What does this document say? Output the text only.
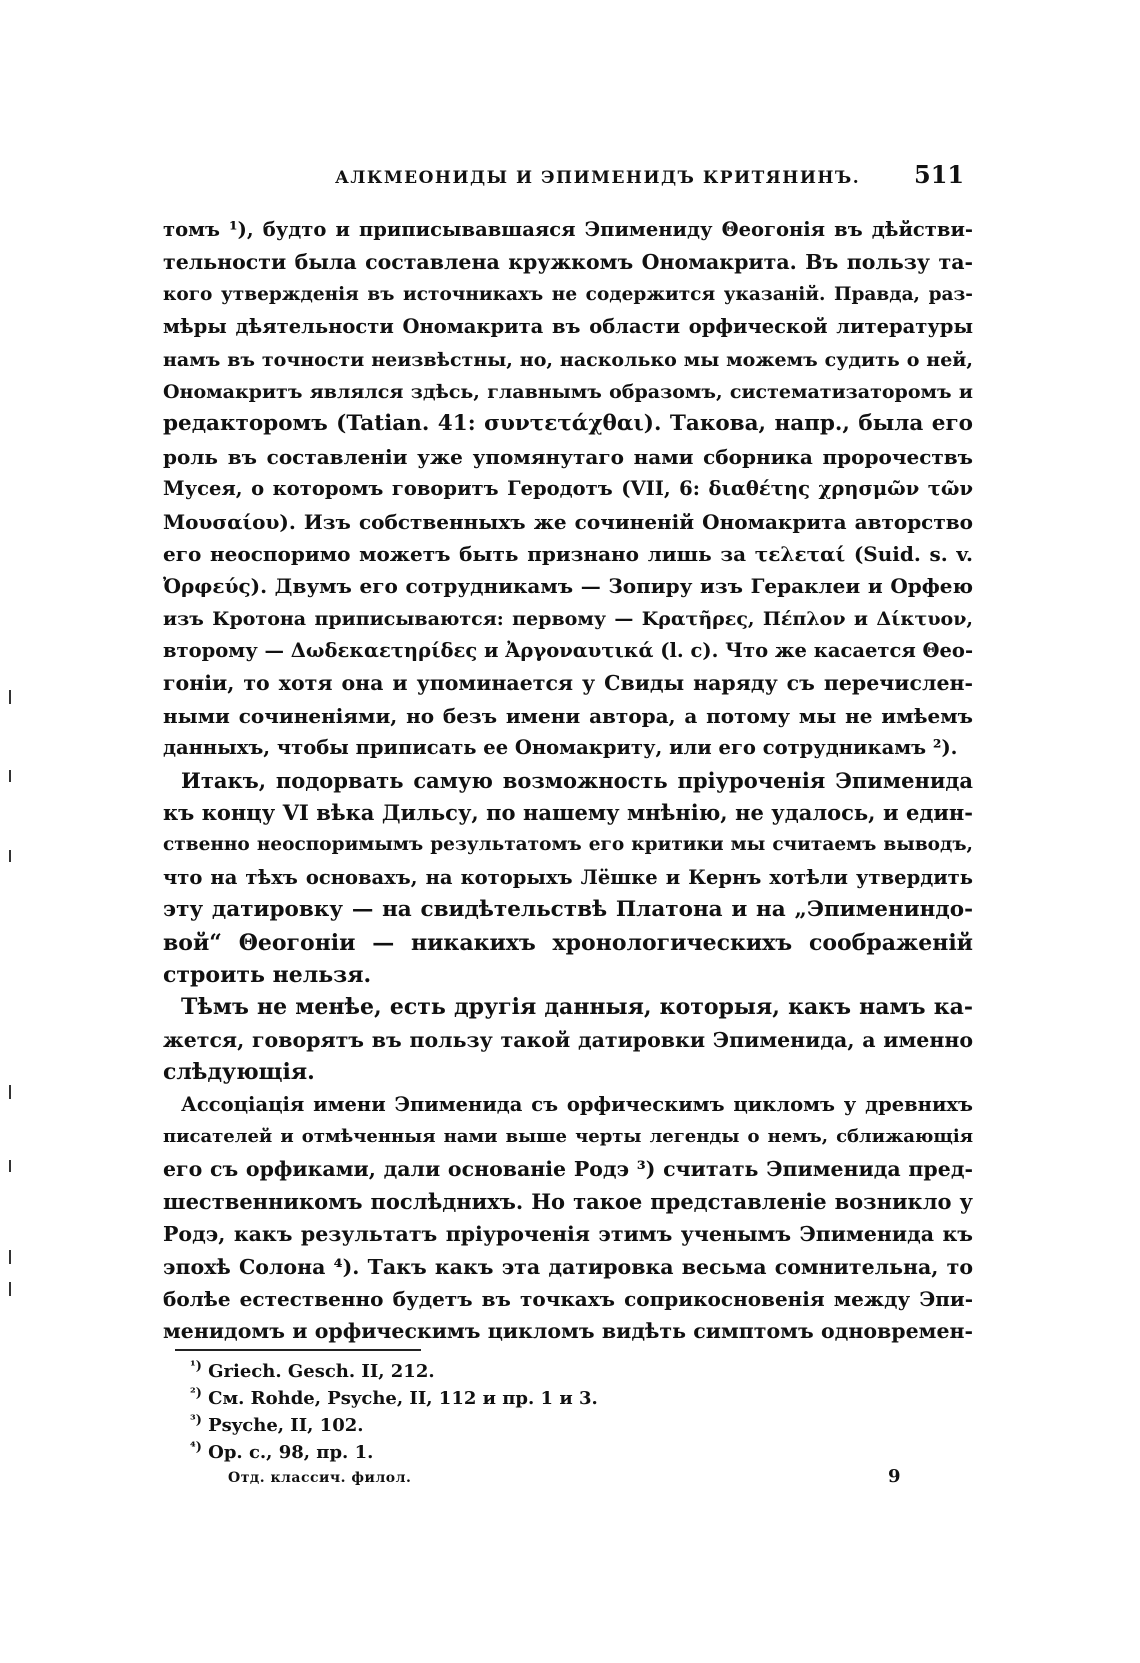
АЛКМЕОНИДЫ И ЭПИМЕНИДЪ КРИТЯНИНЪ. 511
томъ ¹), будто и приписывавшаяся Эпимениду Θеогонія въ дѣйстви-
тельности была составлена кружкомъ Ономакрита. Въ пользу та-
кого утвержденія въ источникахъ не содержится указаній. Правда, раз-
мѣры дѣятельности Ономакрита въ области орфической литературы
намъ въ точности неизвѣстны, но, насколько мы можемъ судить о ней,
Ономакритъ являлся здѣсь, главнымъ образомъ, систематизаторомъ и
редакторомъ (Tatian. 41: συντετάχθαι). Такова, напр., была его
роль въ составленіи уже упомянутаго нами сборника пророчествъ
Мусея, о которомъ говоритъ Геродотъ (VII, 6: διαθέτης χρησμῶν τῶν
Μουσαίου). Изъ собственныхъ же сочиненій Ономакрита авторство
его неоспоримо можетъ быть признано лишь за τελεταί (Suid. s. v.
Ὀρφεύς). Двумъ его сотрудникамъ — Зопиру изъ Гераклеи и Орфею
изъ Кротона приписываются: первому — Κρατῆρες, Πέπλον и Δίκτυον,
второму — Δωδεκαετηρίδες и Ἀργοναυτικά (l. c). Что же касается Θео-
гоніи, то хотя она и упоминается у Свиды наряду съ перечислен-
ными сочиненіями, но безъ имени автора, а потому мы не имѣемъ
данныхъ, чтобы приписать ее Ономакриту, или его сотрудникамъ ²).
Итакъ, подорвать самую возможность пріуроченія Эпименида
къ концу VI вѣка Дильсу, по нашему мнѣнію, не удалось, и един-
ственно неоспоримымъ результатомъ его критики мы считаемъ выводъ,
что на тѣхъ основахъ, на которыхъ Лёшке и Кернъ хотѣли утвердить
эту датировку — на свидѣтельствѣ Платона и на „Эпимениндо-
вой“ Θеогоніи — никакихъ хронологическихъ соображеній
строить нельзя.
Тѣмъ не менѣе, есть другія данныя, которыя, какъ намъ ка-
жется, говорятъ въ пользу такой датировки Эпименида, а именно
слѣдующія.
Ассоціація имени Эпименида съ орфическимъ цикломъ у древнихъ
писателей и отмѣченныя нами выше черты легенды о немъ, сближающія
его съ орфиками, дали основаніе Родэ ³) считать Эпименида пред-
шественникомъ послѣднихъ. Но такое представленіе возникло у
Родэ, какъ результатъ пріуроченія этимъ ученымъ Эпименида къ
эпохѣ Солона ⁴). Такъ какъ эта датировка весьма сомнительна, то
болѣе естественно будетъ въ точкахъ соприкосновенія между Эпи-
менидомъ и орфическимъ цикломъ видѣть симптомъ одновремен-
$^{^1)}$ Griech. Gesch. II, 212.
$^{^2)}$ См. Rohde, Psyche, II, 112 и пр. 1 и 3.
$^{^3)}$ Psyche, II, 102.
$^{^4)}$ Op. c., 98, пр. 1.
Отд. классич. филол.	9
